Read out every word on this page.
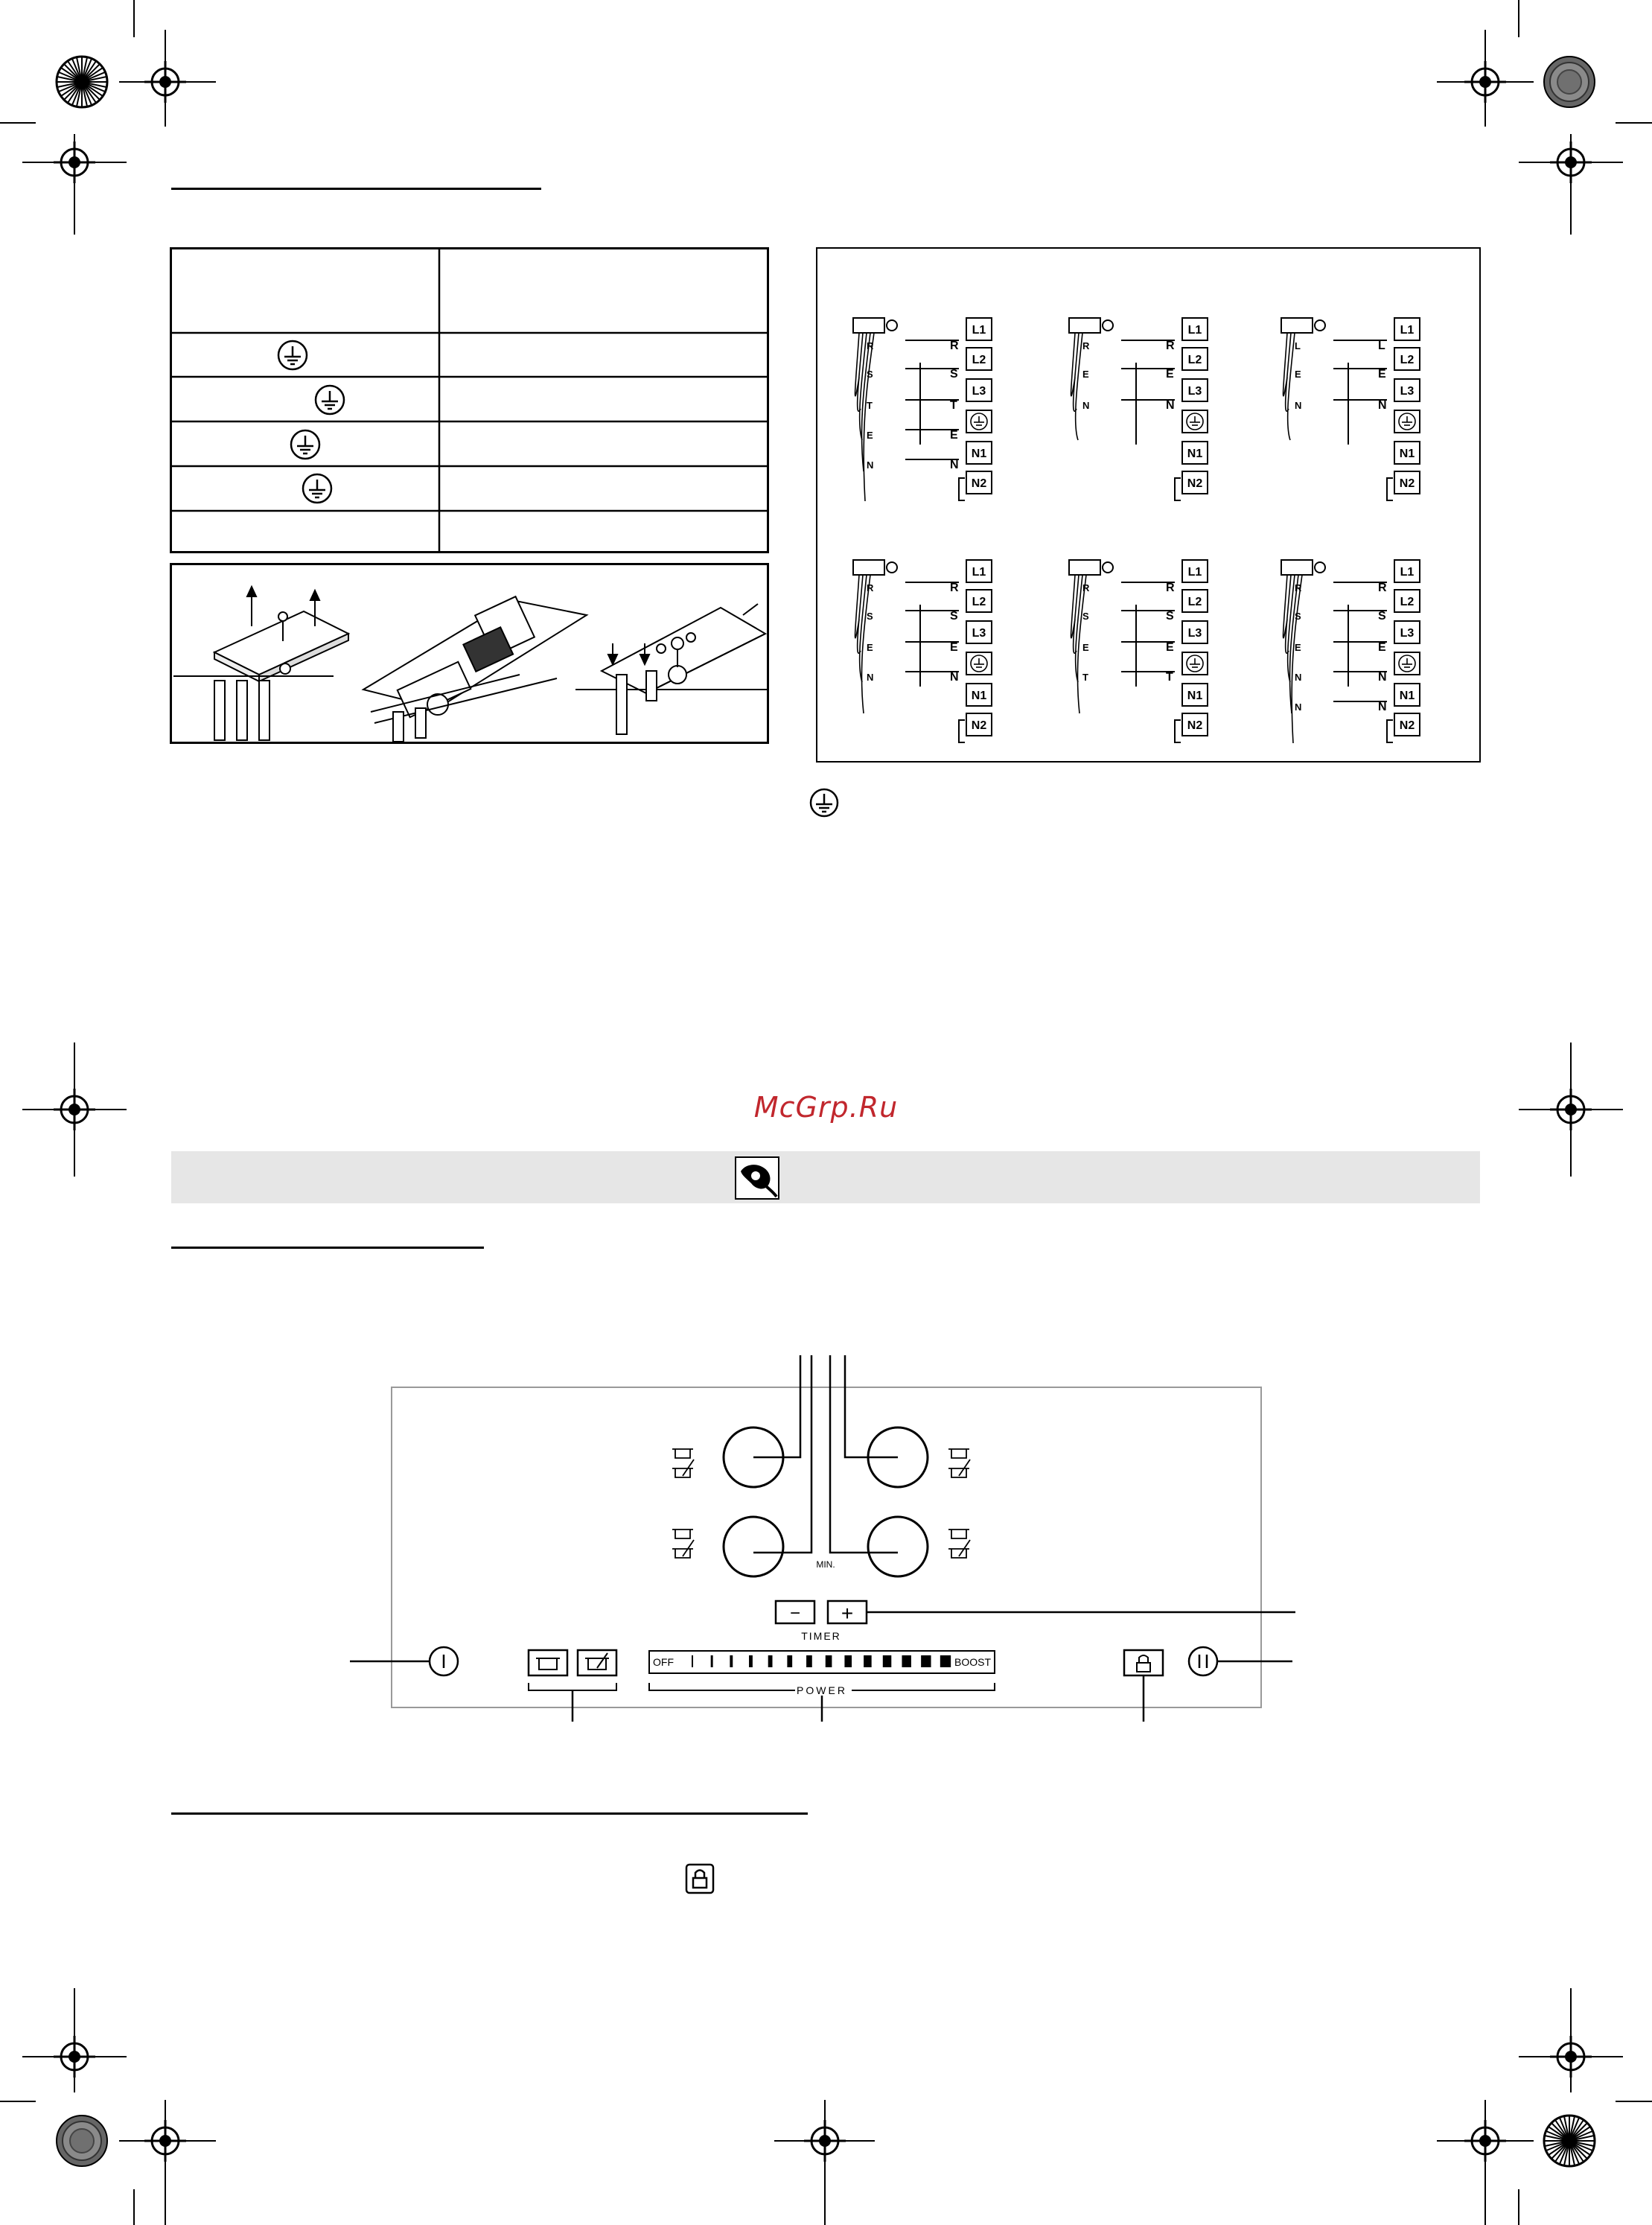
R
S
T
E
N
R
S
T
E
N
L1
L2
L3
N1
N2
R
E
N
R
E
N
L1
L2
L3
N1
N2
L
E
N
L
E
N
L1
L2
L3
N1
N2
R
S
E
N
R
S
E
N
L1
L2
L3
N1
N2
R
S
E
T
R
S
E
T
L1
L2
L3
N1
N2
R
S
E
N
N
R
S
E
N
N
L1
L2
L3
N1
N2
McGrp.Ru
MIN.
− +
TIMER
OFF	BOOST
POWER
